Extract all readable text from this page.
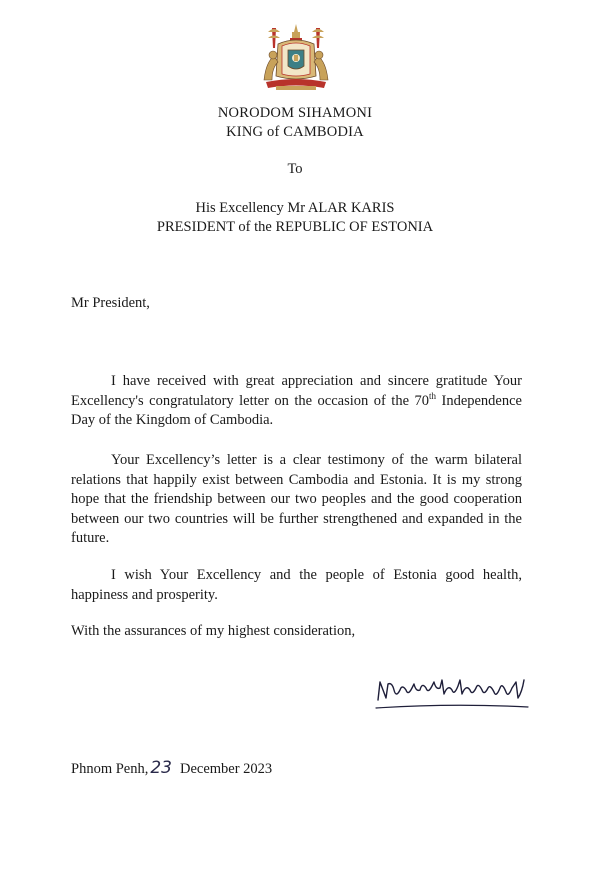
NORODOM SIHAMONI
KING of CAMBODIA
To
His Excellency Mr ALAR KARIS
PRESIDENT of the REPUBLIC OF ESTONIA
Mr President,
I have received with great appreciation and sincere gratitude Your Excellency's congratulatory letter on the occasion of the 70th Independence Day of the Kingdom of Cambodia.
Your Excellency’s letter is a clear testimony of the warm bilateral relations that happily exist between Cambodia and Estonia. It is my strong hope that the friendship between our two peoples and the good cooperation between our two countries will be further strengthened and expanded in the future.
I wish Your Excellency and the people of Estonia good health, happiness and prosperity.
With the assurances of my highest consideration,
Phnom Penh, 23 December 2023
